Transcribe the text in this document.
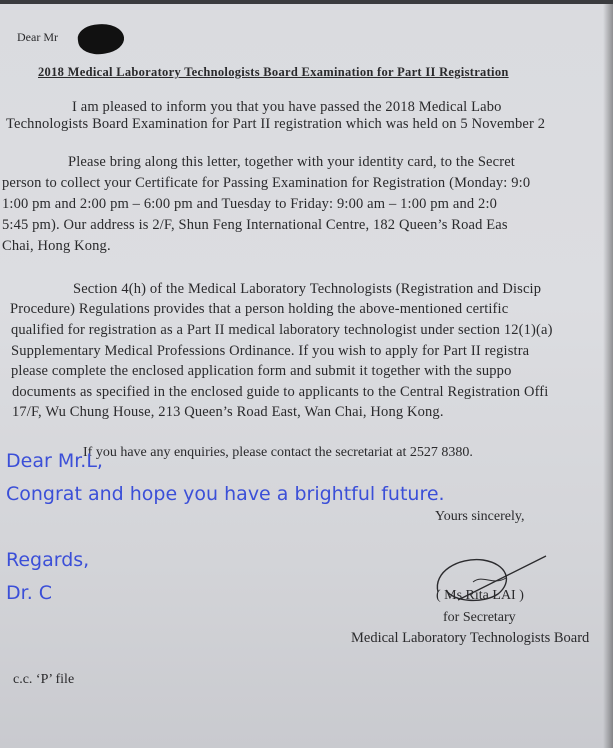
Dear Mr
2018 Medical Laboratory Technologists Board Examination for Part II Registration
I am pleased to inform you that you have passed the 2018 Medical Labo
Technologists Board Examination for Part II registration which was held on 5 November 2
Please bring along this letter, together with your identity card, to the Secret
person to collect your Certificate for Passing Examination for Registration (Monday: 9:0
1:00 pm and 2:00 pm – 6:00 pm and Tuesday to Friday: 9:00 am – 1:00 pm and 2:0
5:45 pm). Our address is 2/F, Shun Feng International Centre, 182 Queen’s Road Eas
Chai, Hong Kong.
Section 4(h) of the Medical Laboratory Technologists (Registration and Discip
Procedure) Regulations provides that a person holding the above-mentioned certific
qualified for registration as a Part II medical laboratory technologist under section 12(1)(a)
Supplementary Medical Professions Ordinance. If you wish to apply for Part II registra
please complete the enclosed application form and submit it together with the suppo
documents as specified in the enclosed guide to applicants to the Central Registration Offi
17/F, Wu Chung House, 213 Queen’s Road East, Wan Chai, Hong Kong.
If you have any enquiries, please contact the secretariat at 2527 8380.
Dear Mr.L,
Congrat and hope you have a brightful future.
Regards,
Dr. C
Yours sincerely,
( Ms Rita LAI )
for Secretary
Medical Laboratory Technologists Board
c.c. ‘P’ file
